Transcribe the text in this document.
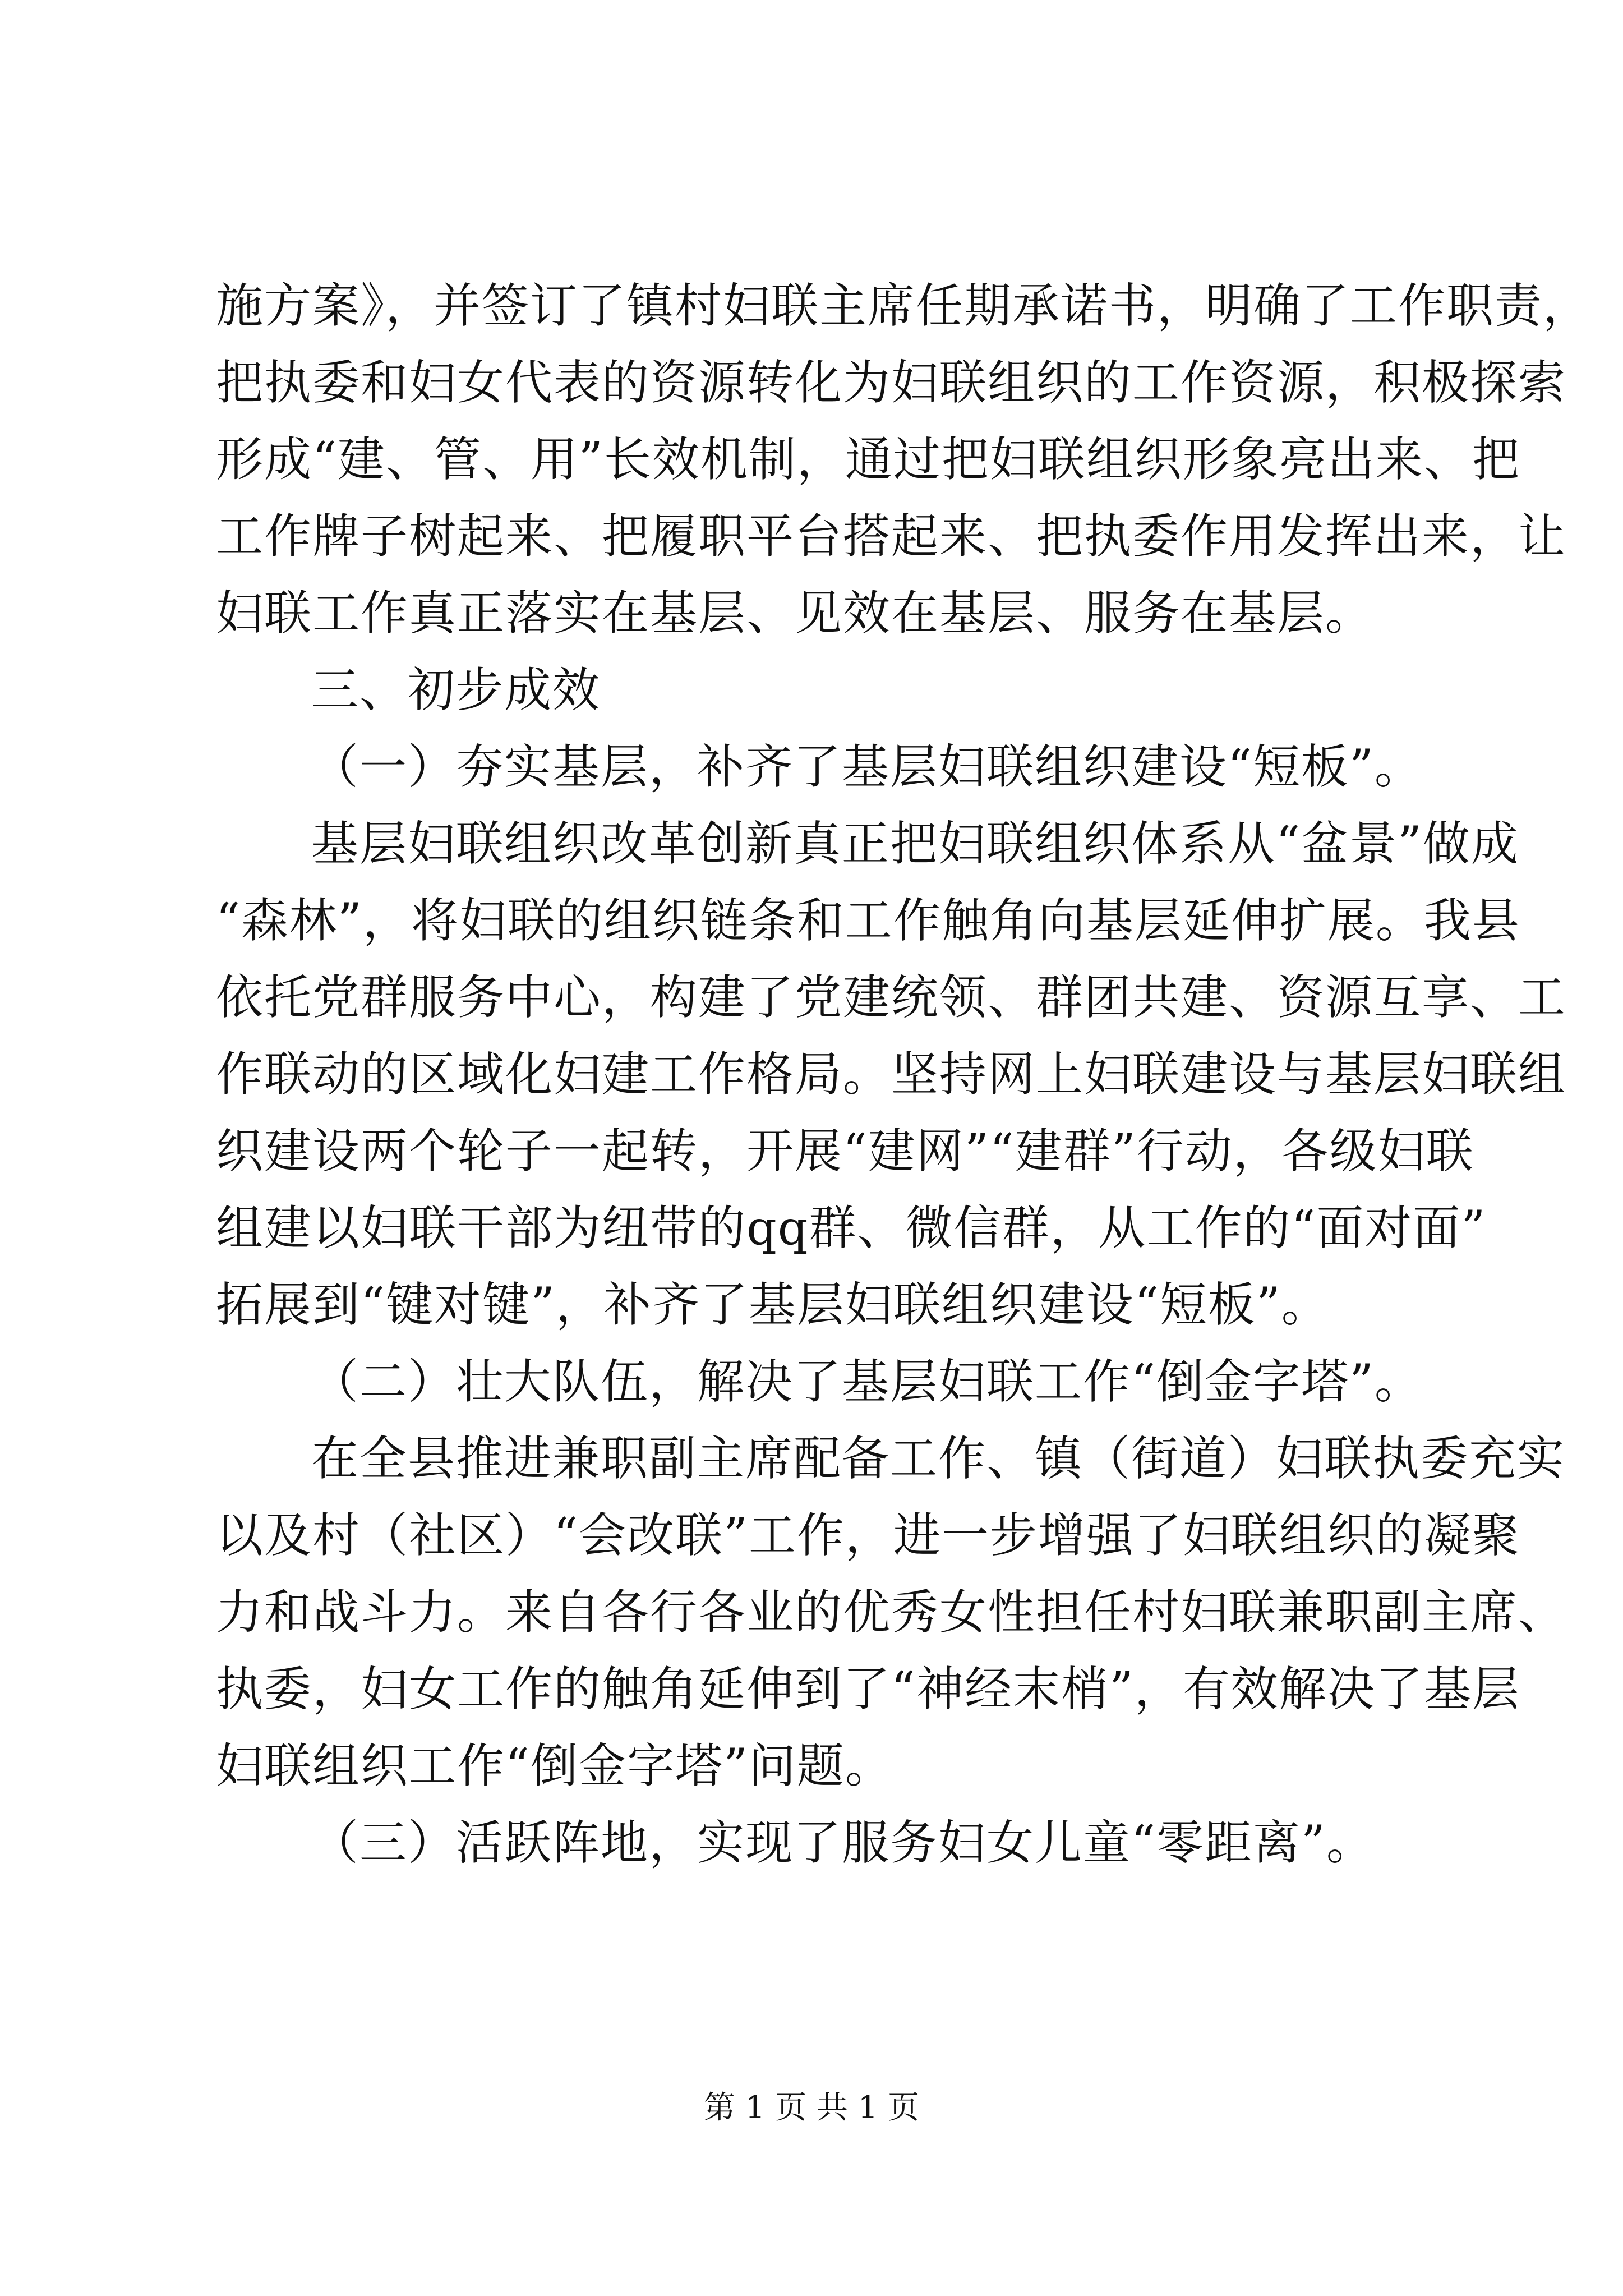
施方案》，并签订了镇村妇联主席任期承诺书，明确了工作职责，
把执委和妇女代表的资源转化为妇联组织的工作资源，积极探索
形成“建、管、用”长效机制，通过把妇联组织形象亮出来、把
工作牌子树起来、把履职平台搭起来、把执委作用发挥出来，让
妇联工作真正落实在基层、见效在基层、服务在基层。
三、初步成效
（一）夯实基层，补齐了基层妇联组织建设“短板”。
基层妇联组织改革创新真正把妇联组织体系从“盆景”做成
“森林”，将妇联的组织链条和工作触角向基层延伸扩展。我县
依托党群服务中心，构建了党建统领、群团共建、资源互享、工
作联动的区域化妇建工作格局。坚持网上妇联建设与基层妇联组
织建设两个轮子一起转，开展“建网”“建群”行动，各级妇联
组建以妇联干部为纽带的qq群、微信群，从工作的“面对面”
拓展到“键对键”，补齐了基层妇联组织建设“短板”。
（二）壮大队伍，解决了基层妇联工作“倒金字塔”。
在全县推进兼职副主席配备工作、镇（街道）妇联执委充实
以及村（社区）“会改联”工作，进一步增强了妇联组织的凝聚
力和战斗力。来自各行各业的优秀女性担任村妇联兼职副主席、
执委，妇女工作的触角延伸到了“神经末梢”，有效解决了基层
妇联组织工作“倒金字塔”问题。
（三）活跃阵地，实现了服务妇女儿童“零距离”。
第 1 页 共 1 页
